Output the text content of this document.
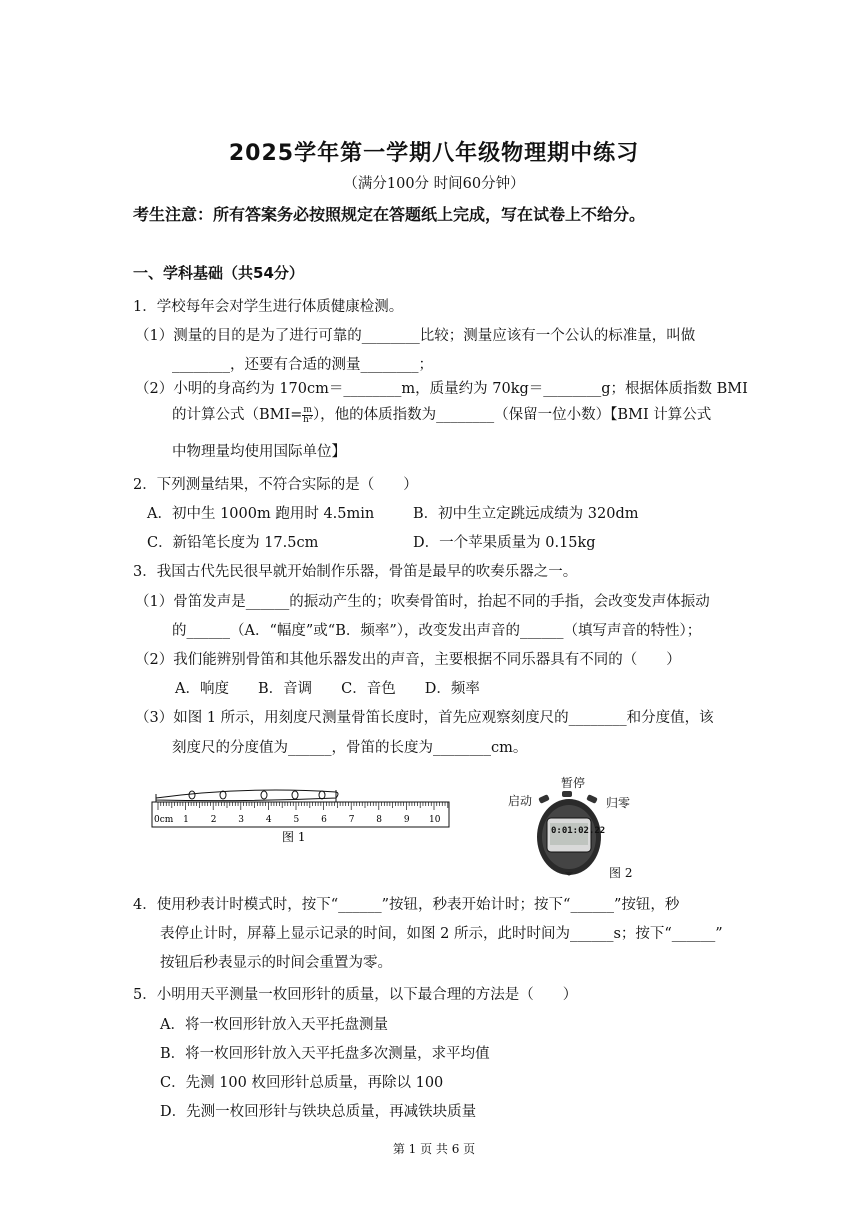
2025学年第一学期八年级物理期中练习
（满分100分 时间60分钟）
考生注意：所有答案务必按照规定在答题纸上完成，写在试卷上不给分。
一、学科基础（共54分）
1．学校每年会对学生进行体质健康检测。
（1）测量的目的是为了进行可靠的________比较；测量应该有一个公认的标准量，叫做
________，还要有合适的测量________；
（2）小明的身高约为 170cm＝________m，质量约为 70kg＝________g；根据体质指数 BMI
的计算公式（$BMI= \frac{m}{\text{h²}}$ ），他的体质指数为________（保留一位小数）【BMI 计算公式
中物理量均使用国际单位】
2．下列测量结果，不符合实际的是（　　）
A．初中生 1000m 跑用时 4.5min	B．初中生立定跳远成绩为 320dm
C．新铅笔长度为 17.5cm	D．一个苹果质量为 0.15kg
3．我国古代先民很早就开始制作乐器，骨笛是最早的吹奏乐器之一。
（1）骨笛发声是______的振动产生的；吹奏骨笛时，抬起不同的手指，会改变发声体振动
的______（A．“幅度”或“B．频率”），改变发出声音的______（填写声音的特性）；
（2）我们能辨别骨笛和其他乐器发出的声音，主要根据不同乐器具有不同的（　　）
A．响度　　B．音调　　C．音色　　D．频率
（3）如图 1 所示，用刻度尺测量骨笛长度时，首先应观察刻度尺的________和分度值，该
刻度尺的分度值为______，骨笛的长度为________cm。
0cm 1 2 3 4 5 6 7 8 9 10
图 1
暂停
启动	归零
0:01:02.22
图 2
4．使用秒表计时模式时，按下“______”按钮，秒表开始计时；按下“______”按钮，秒
表停止计时，屏幕上显示记录的时间，如图 2 所示，此时时间为______s；按下“______”
按钮后秒表显示的时间会重置为零。
5．小明用天平测量一枚回形针的质量，以下最合理的方法是（　　）
A．将一枚回形针放入天平托盘测量
B．将一枚回形针放入天平托盘多次测量，求平均值
C．先测 100 枚回形针总质量，再除以 100
D．先测一枚回形针与铁块总质量，再减铁块质量
第 1 页 共 6 页
